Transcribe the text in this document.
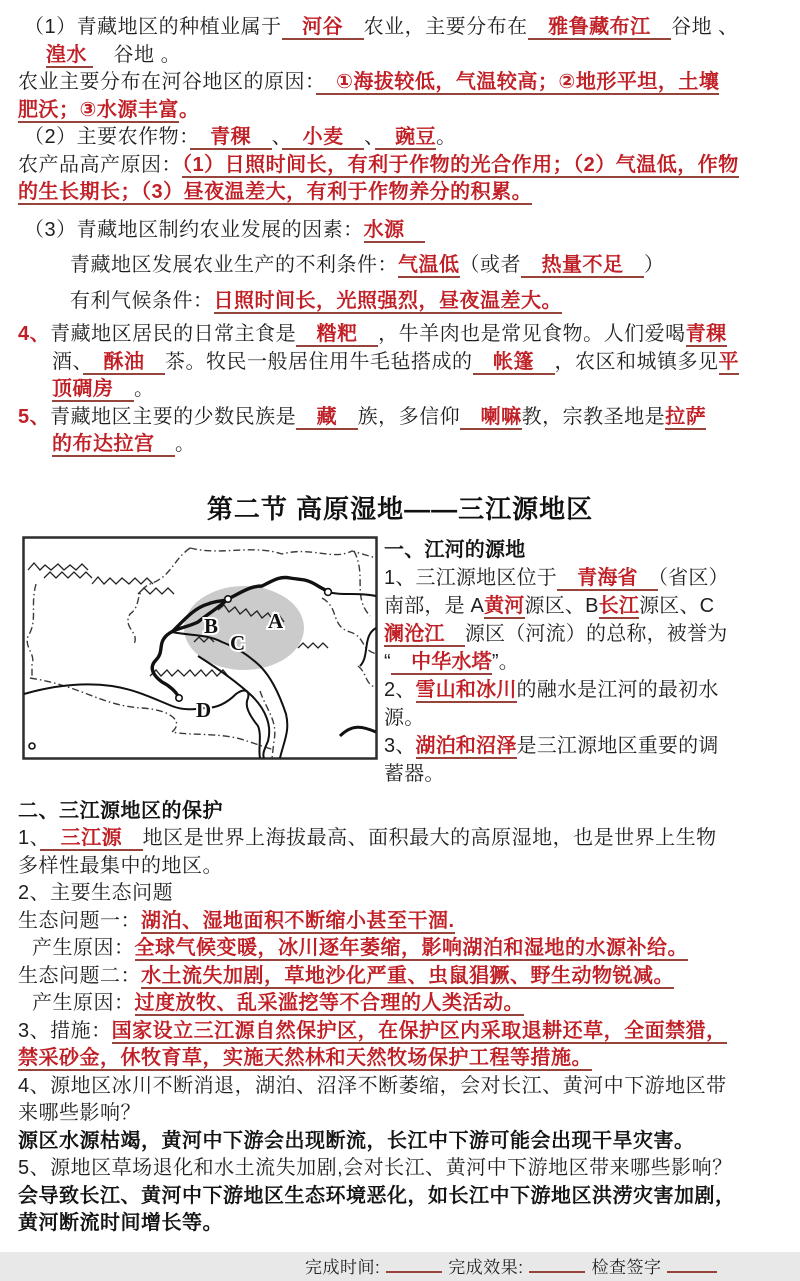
（1）青藏地区的种植业属于　河谷　农业，主要分布在　雅鲁藏布江　谷地 、
湟水 　谷地 。
农业主要分布在河谷地区的原因：　①海拔较低，气温较高；②地形平坦，土壤
肥沃；③水源丰富。
（2）主要农作物：　青稞　、　小麦　、　豌豆。
农产品高产原因：（1）日照时间长，有利于作物的光合作用；（2）气温低，作物
的生长期长；（3）昼夜温差大，有利于作物养分的积累。
（3）青藏地区制约农业发展的因素：水源　
青藏地区发展农业生产的不利条件：气温低（或者　热量不足　）
有利气候条件：日照时间长，光照强烈，昼夜温差大。
4、青藏地区居民的日常主食是　糌粑　，牛羊肉也是常见食物。人们爱喝青稞
酒、　酥油　茶。牧民一般居住用牛毛毡搭成的　帐篷　，农区和城镇多见平
顶碉房　。
5、青藏地区主要的少数民族是　藏　族，多信仰　喇嘛教，宗教圣地是拉萨
的布达拉宫　。
第二节 高原湿地——三江源地区
A
B
C
D
一、江河的源地
1、三江源地区位于　青海省　（省区）
南部，是 A黄河源区、B长江源区、C
澜沧江　源区（河流）的总称，被誉为
“　中华水塔”。
2、雪山和冰川的融水是江河的最初水
源。
3、湖泊和沼泽是三江源地区重要的调
蓄器。
二、三江源地区的保护
1、　三江源　地区是世界上海拔最高、面积最大的高原湿地，也是世界上生物
多样性最集中的地区。
2、主要生态问题
生态问题一：湖泊、湿地面积不断缩小甚至干涸.
产生原因：全球气候变暖，冰川逐年萎缩，影响湖泊和湿地的水源补给。
生态问题二：水土流失加剧，草地沙化严重、虫鼠猖獗、野生动物锐减。
产生原因：过度放牧、乱采滥挖等不合理的人类活动。
3、措施：国家设立三江源自然保护区，在保护区内采取退耕还草，全面禁猎，
禁采砂金，休牧育草，实施天然林和天然牧场保护工程等措施。
4、源地区冰川不断消退，湖泊、沼泽不断萎缩，会对长江、黄河中下游地区带
来哪些影响？
源区水源枯竭，黄河中下游会出现断流，长江中下游可能会出现干旱灾害。
5、源地区草场退化和水土流失加剧,会对长江、黄河中下游地区带来哪些影响？
会导致长江、黄河中下游地区生态环境恶化，如长江中下游地区洪涝灾害加剧，
黄河断流时间增长等。
完成时间:	完成效果:	检查签字
